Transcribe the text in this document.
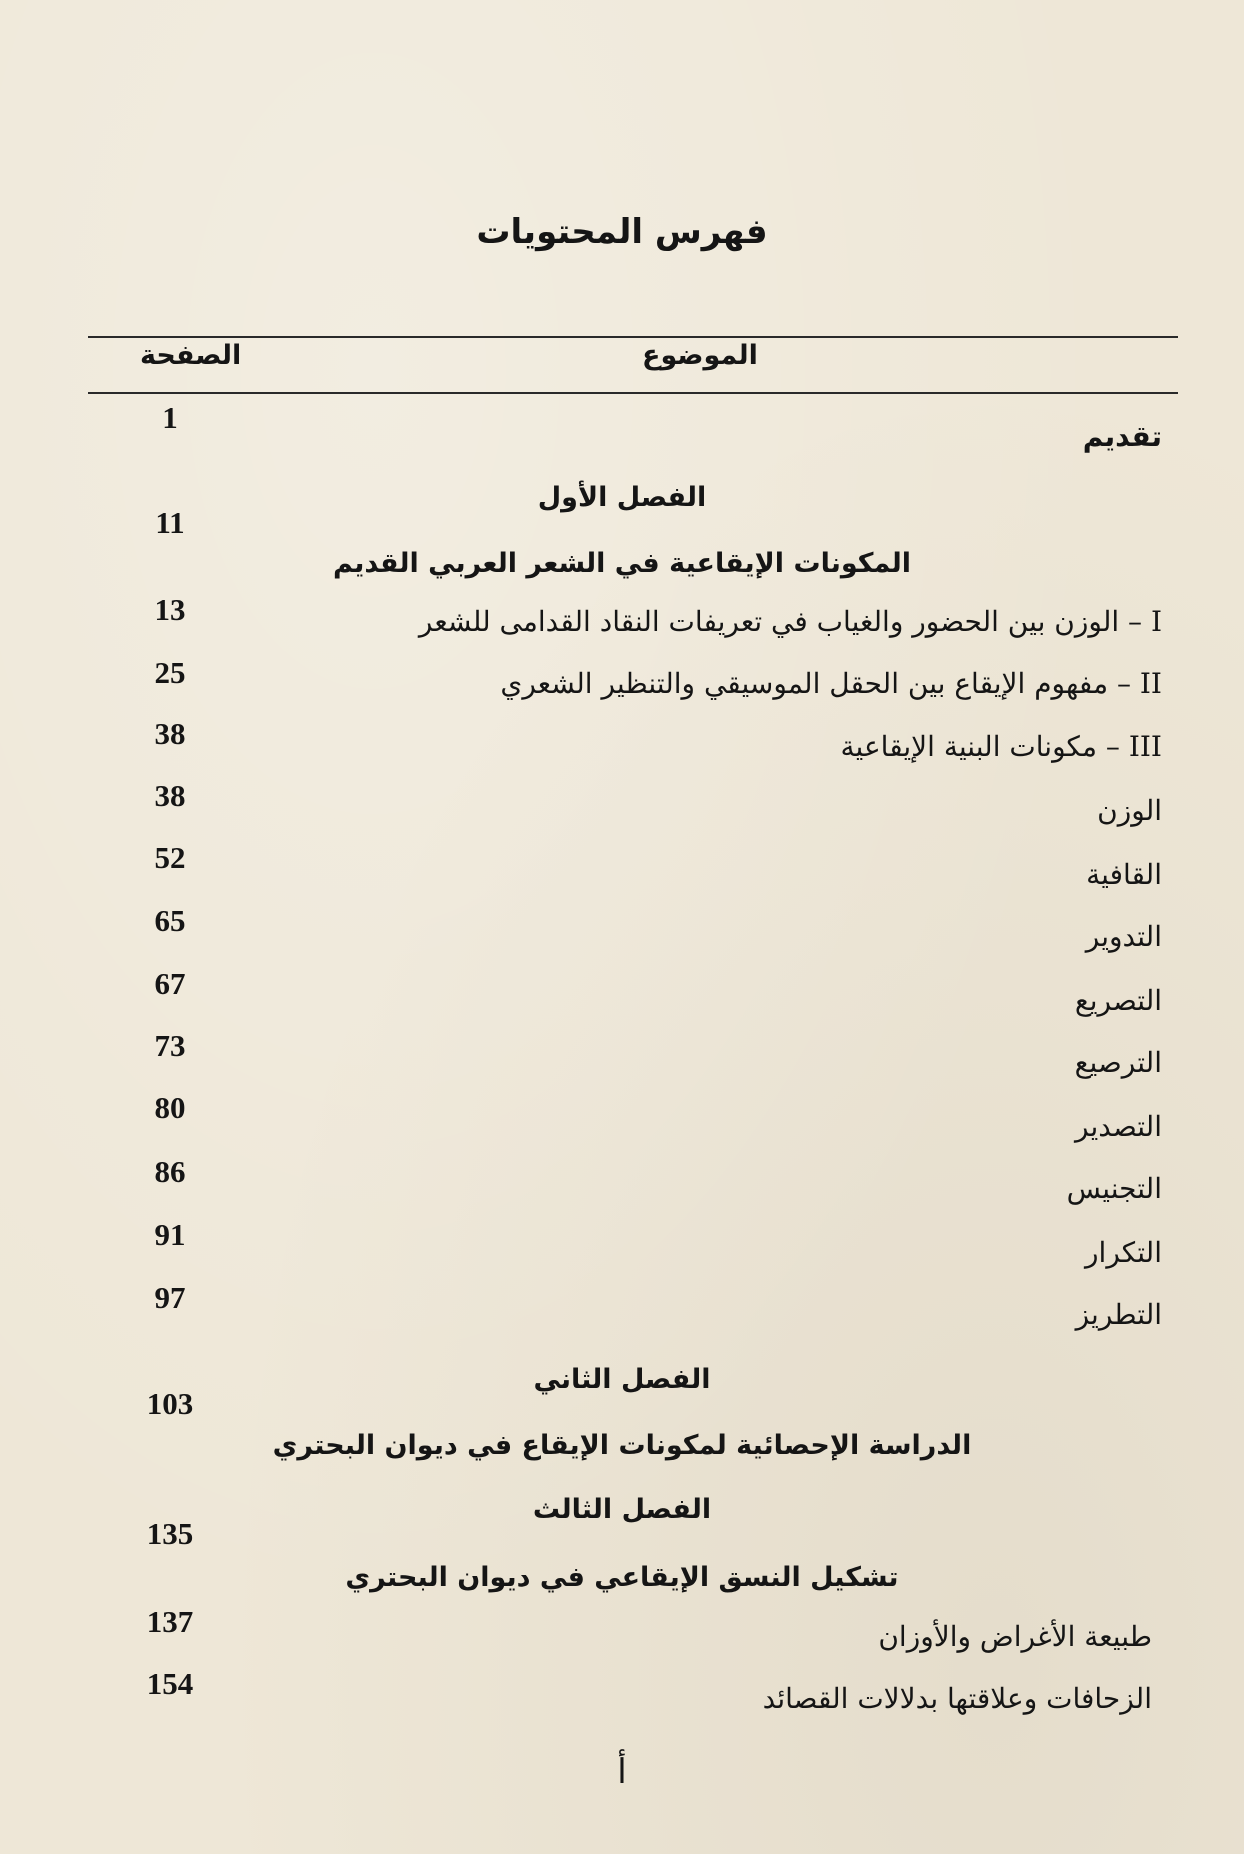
فهرس المحتويات
الموضوع
الصفحة
تقديم
1
الفصل الأول
11
المكونات الإيقاعية في الشعر العربي القديم
I – الوزن بين الحضور والغياب في تعريفات النقاد القدامى للشعر
13
II – مفهوم الإيقاع بين الحقل الموسيقي والتنظير الشعري
25
III – مكونات البنية الإيقاعية
38
الوزن
38
القافية
52
التدوير
65
التصريع
67
الترصيع
73
التصدير
80
التجنيس
86
التكرار
91
التطريز
97
الفصل الثاني
103
الدراسة الإحصائية لمكونات الإيقاع في ديوان البحتري
الفصل الثالث
135
تشكيل النسق الإيقاعي في ديوان البحتري
طبيعة الأغراض والأوزان
137
الزحافات وعلاقتها بدلالات القصائد
154
أ
